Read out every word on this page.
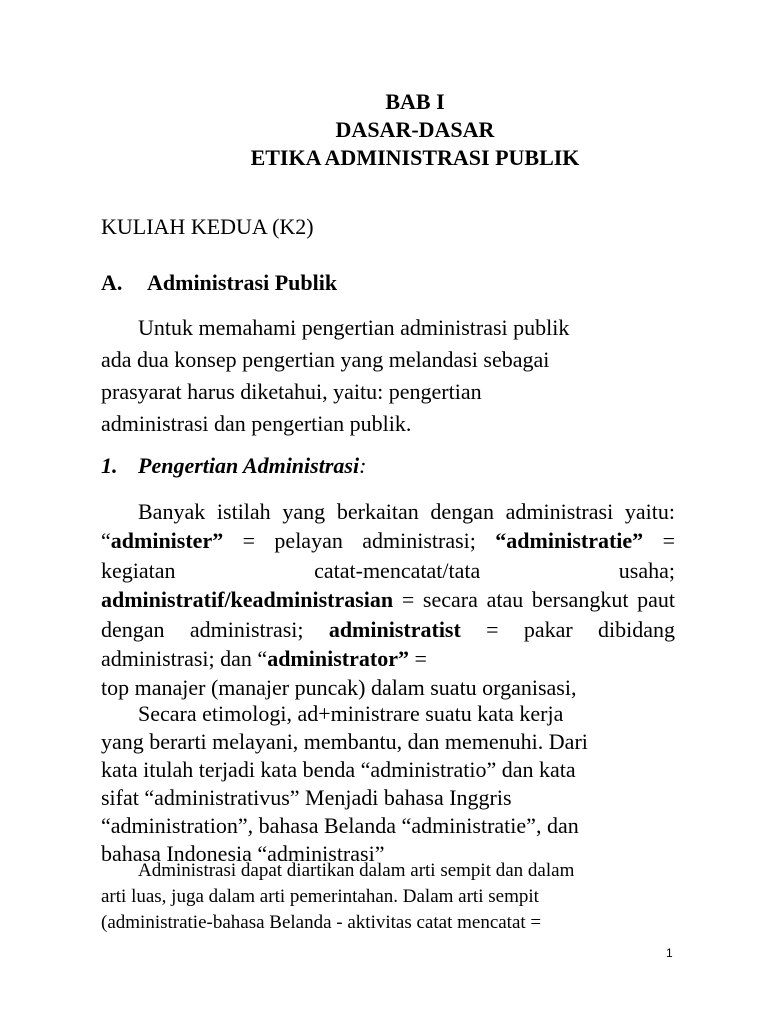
BAB I
DASAR-DASAR
ETIKA ADMINISTRASI PUBLIK
KULIAH KEDUA (K2)
A. Administrasi Publik
Untuk memahami pengertian administrasi publik
ada dua konsep pengertian yang melandasi sebagai
prasyarat harus diketahui, yaitu: pengertian
administrasi dan pengertian publik.
1. Pengertian Administrasi:

Banyak istilah yang berkaitan dengan administrasi yaitu: “administer” = pelayan administrasi; “administratie” = kegiatan catat-mencatat/tata usaha; administratif/keadministrasian = secara atau bersangkut paut dengan administrasi; administratist = pakar dibidang administrasi; dan “administrator” =

top manajer (manajer puncak) dalam suatu organisasi,

Secara etimologi, ad+ministrare suatu kata kerja

yang berarti melayani, membantu, dan memenuhi. Dari

kata itulah terjadi kata benda “administratio” dan kata

sifat “administrativus” Menjadi bahasa Inggris

“administration”, bahasa Belanda “administratie”, dan

bahasa Indonesia “administrasi”

Administrasi dapat diartikan dalam arti sempit dan dalam
arti luas, juga dalam arti pemerintahan. Dalam arti sempit
(administratie-bahasa Belanda - aktivitas catat mencatat =
1
